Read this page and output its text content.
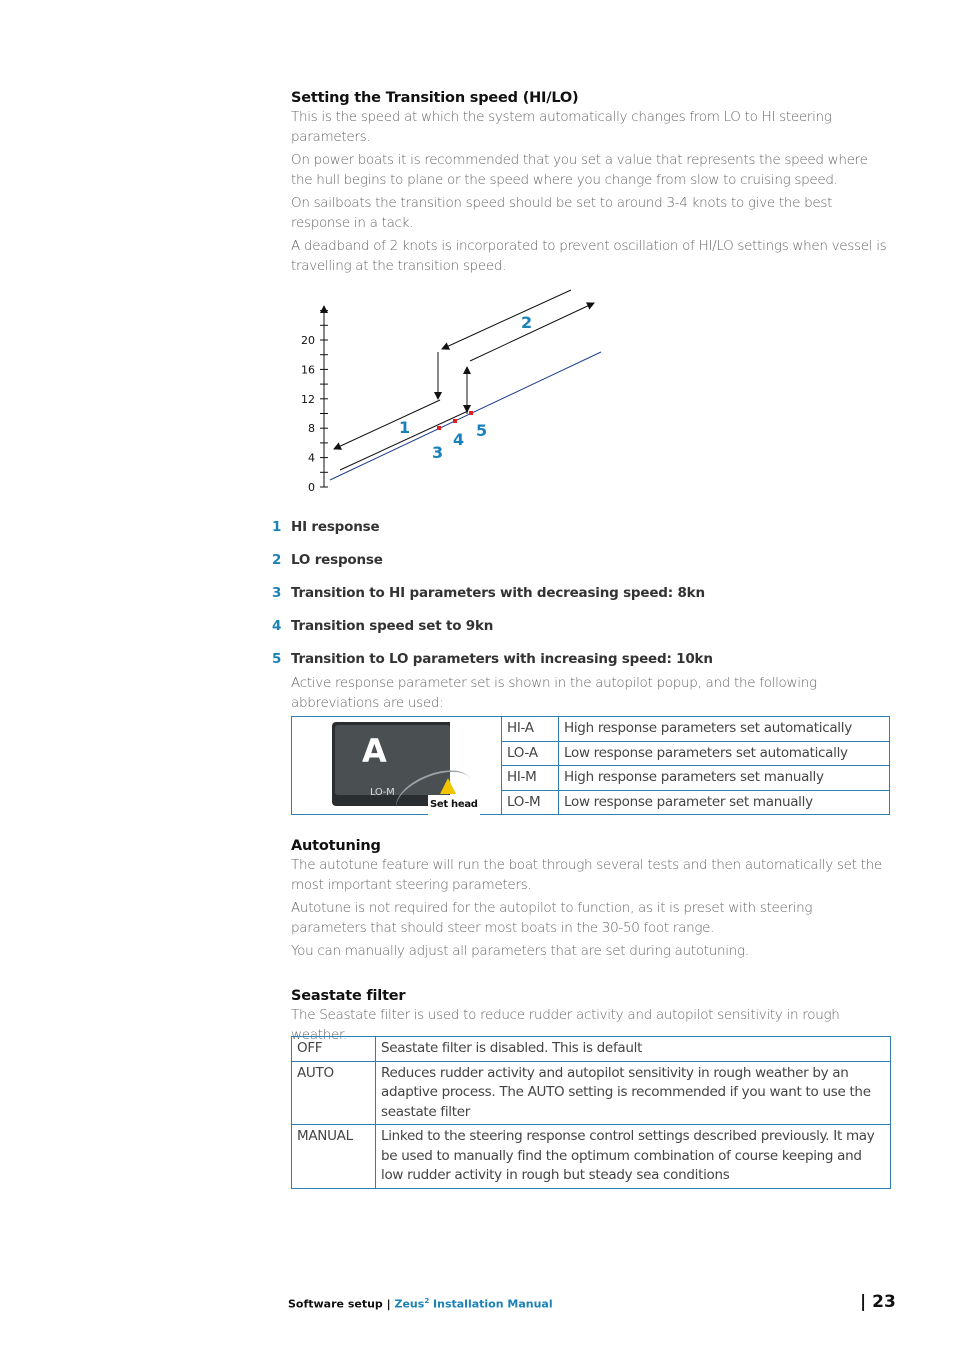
Setting the Transition speed (HI/LO)

This is the speed at which the system automatically changes from LO to HI steering parameters.

On power boats it is recommended that you set a value that represents the speed where the hull begins to plane or the speed where you change from slow to cruising speed.

On sailboats the transition speed should be set to around 3-4 knots to give the best response in a tack.

A deadband of 2 knots is incorporated to prevent oscillation of HI/LO settings when vessel is travelling at the transition speed.

0
4
8
12
16
20
1
2
3
4 5
1 HI response
2 LO response
3 Transition to HI parameters with decreasing speed: 8kn
4 Transition speed set to 9kn
5 Transition to LO parameters with increasing speed: 10kn

Active response parameter set is shown in the autopilot popup, and the following abbreviations are used:

A
LO-M
Set head	HI-A	High response parameters set automatically
	LO-A	Low response parameters set automatically
	HI-M	High response parameters set manually
	LO-M	Low response parameter set manually
Autotuning

The autotune feature will run the boat through several tests and then automatically set the most important steering parameters.

Autotune is not required for the autopilot to function, as it is preset with steering parameters that should steer most boats in the 30-50 foot range.

You can manually adjust all parameters that are set during autotuning.

Seastate filter

The Seastate filter is used to reduce rudder activity and autopilot sensitivity in rough weather.

OFF	Seastate filter is disabled. This is default
AUTO	Reduces rudder activity and autopilot sensitivity in rough weather by an adaptive process. The AUTO setting is recommended if you want to use the seastate filter
MANUAL	Linked to the steering response control settings described previously. It may be used to manually find the optimum combination of course keeping and low rudder activity in rough but steady sea conditions
Software setup | Zeus$^2$ Installation Manual	| 23
